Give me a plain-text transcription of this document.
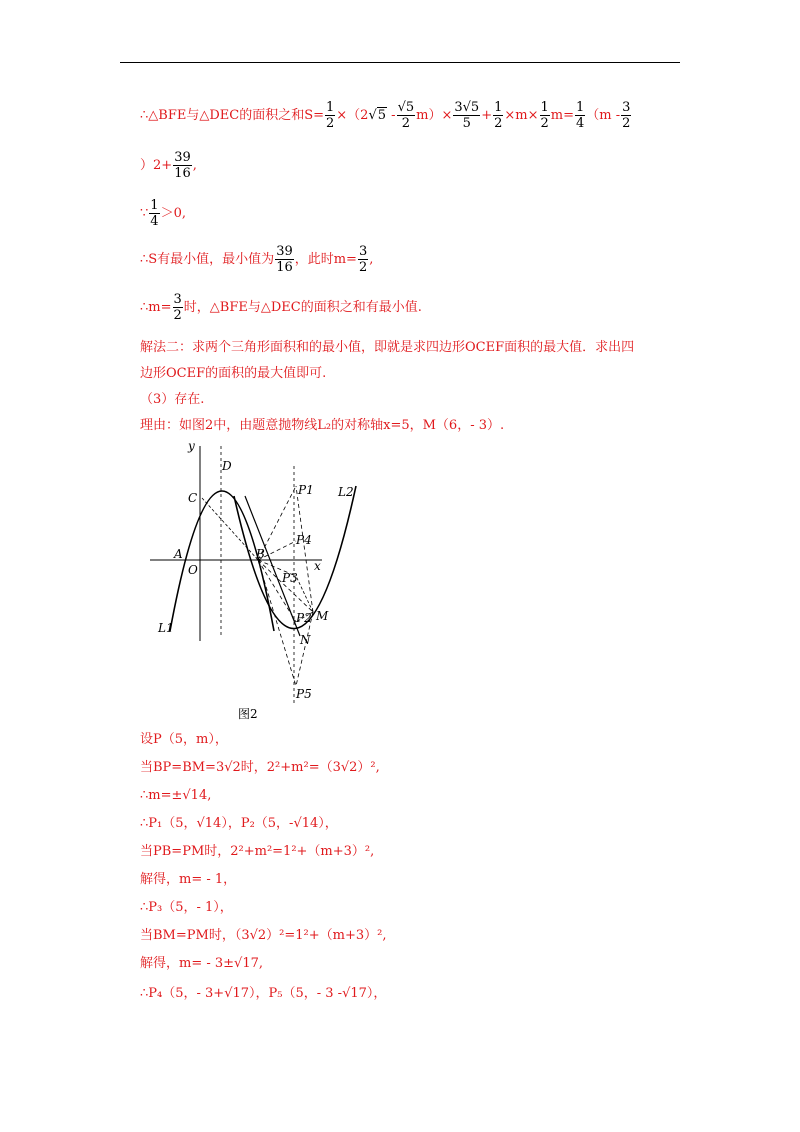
∴△BFE与△DEC的面积之和$S= \frac{1}{2} \times(2√5 - \frac{√5}{2} m)\times \frac{3√5}{5} + \frac{1}{2} \times m\times \frac{1}{2} m= \frac{1}{4} (m - \frac{3}{2}$
）$2+ \frac{39}{16}$ ,
∵ $\frac{1}{4} >0$,
∴S有最小值，最小值为 $\frac{39}{16}$ ，此时$m= \frac{3}{2}$ ,
∴m= $\frac{3}{2}$ 时，△BFE与△DEC的面积之和有最小值.
解法二：求两个三角形面积和的最小值，即就是求四边形OCEF面积的最大值．求出四
边形OCEF的面积的最大值即可.
（3）存在.
理由：如图2中，由题意抛物线L₂的对称轴x=5，M（6，- 3）.
y
x
O
A	B
C
D
M
N
L1
L2
P1
P2
P3
P4
P5
图2
设P（5，m），
当BP=BM=3√2时，2²+m²=（3√2）²,
∴m=±√14,
∴P₁（5，√14），P₂（5，-√14），
当PB=PM时，2²+m²=1²+（m+3）²,
解得，m= - 1，
∴P₃（5，- 1），
当BM=PM时，（3√2）²=1²+（m+3）²,
解得，m= - 3±√17,
∴P₄（5，- 3+√17），P₅（5，- 3 -√17），
